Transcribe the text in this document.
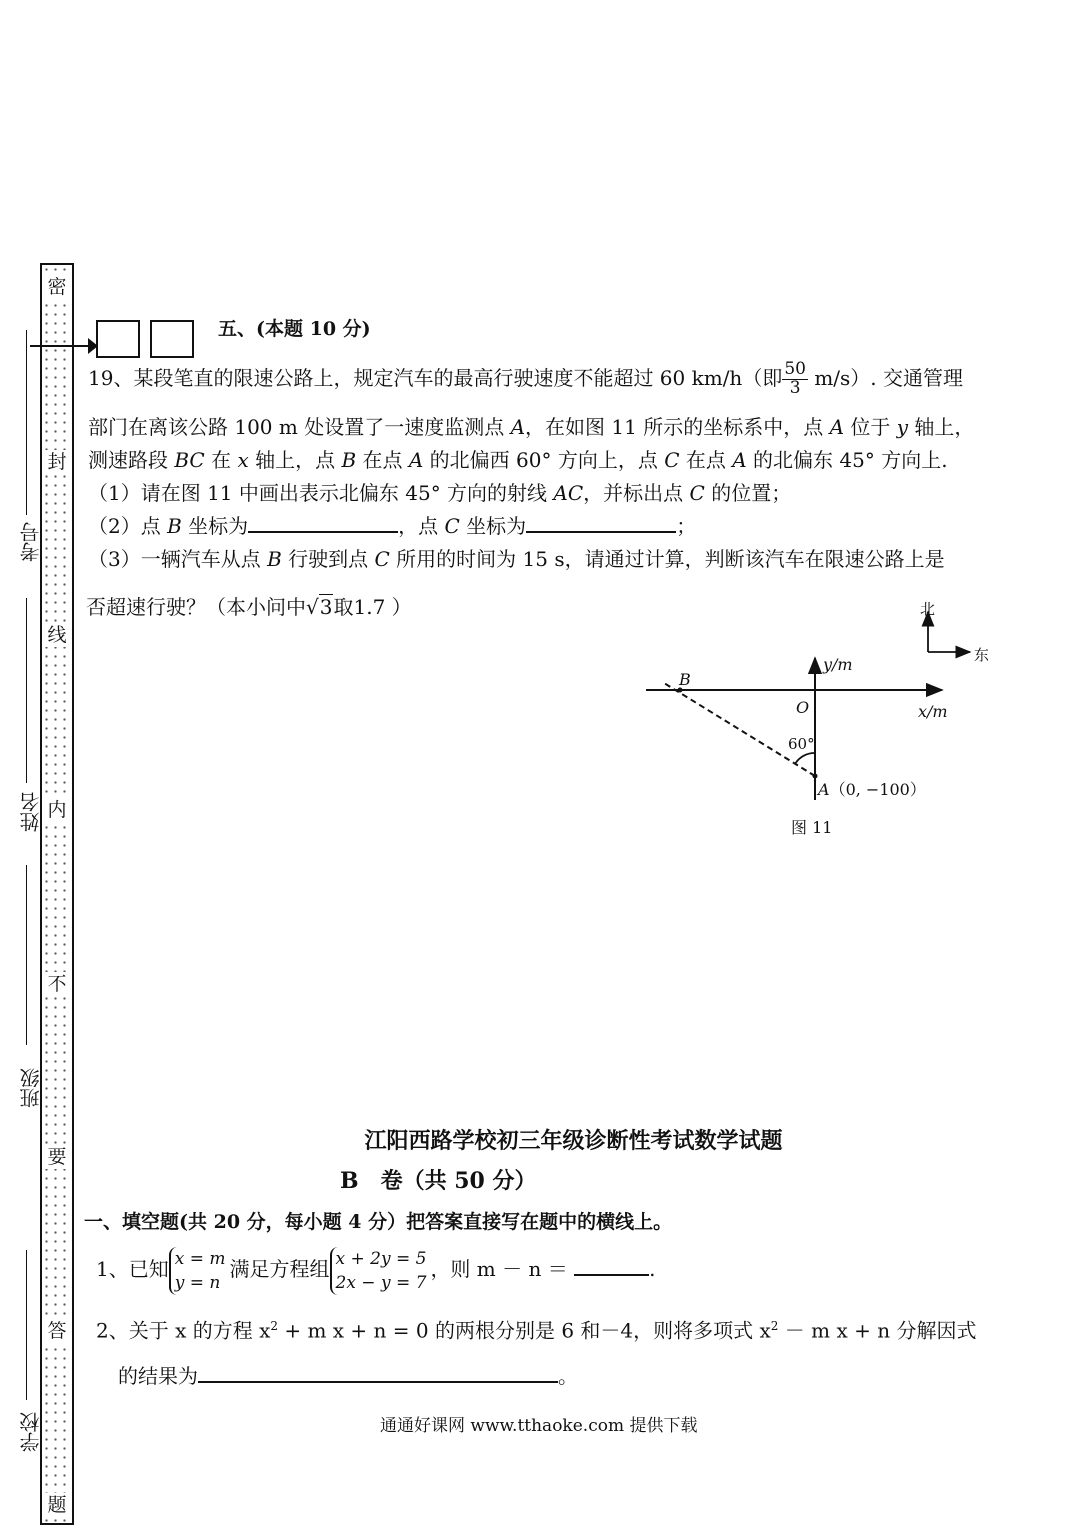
密
封
线
内
不
要
答
题
考号
姓名
班级
学校
五、(本题 10 分)
19、某段笔直的限速公路上，规定汽车的最高行驶速度不能超过 60 km/h（即 $\frac{50}{3} m/s$）. 交通管理
部门在离该公路 100 m 处设置了一速度监测点 A，在如图 11 所示的坐标系中，点 A 位于 y 轴上，
测速路段 BC 在 x 轴上，点 B 在点 A 的北偏西 60° 方向上，点 C 在点 A 的北偏东 45° 方向上.
（1）请在图 11 中画出表示北偏东 45° 方向的射线 AC，并标出点 C 的位置；
（2）点 B 坐标为	，点 C 坐标为	；
（3）一辆汽车从点 B 行驶到点 C 所用的时间为 15 s，请通过计算，判断该汽车在限速公路上是
否超速行驶？（本小问中√3取1.7 ）	北
东
y/m
x/m
O
B
60°
A（0, −100）
图 11
江阳西路学校初三年级诊断性考试数学试题
B　卷（共 50 分）
一、填空题(共 20 分，每小题 4 分）把答案直接写在题中的横线上。
1、已知 x = m
y = n
满足方程组 x + 2y = 5
2x − y = 7
，则 m － n ＝	.
2、关于 x 的方程 $x^2 + m$ x + n = 0 的两根分别是 6 和－4，则将多项式 $x^2 - m$ x + n 分解因式
的结果为	。
通通好课网 www.tthaoke.com 提供下载
